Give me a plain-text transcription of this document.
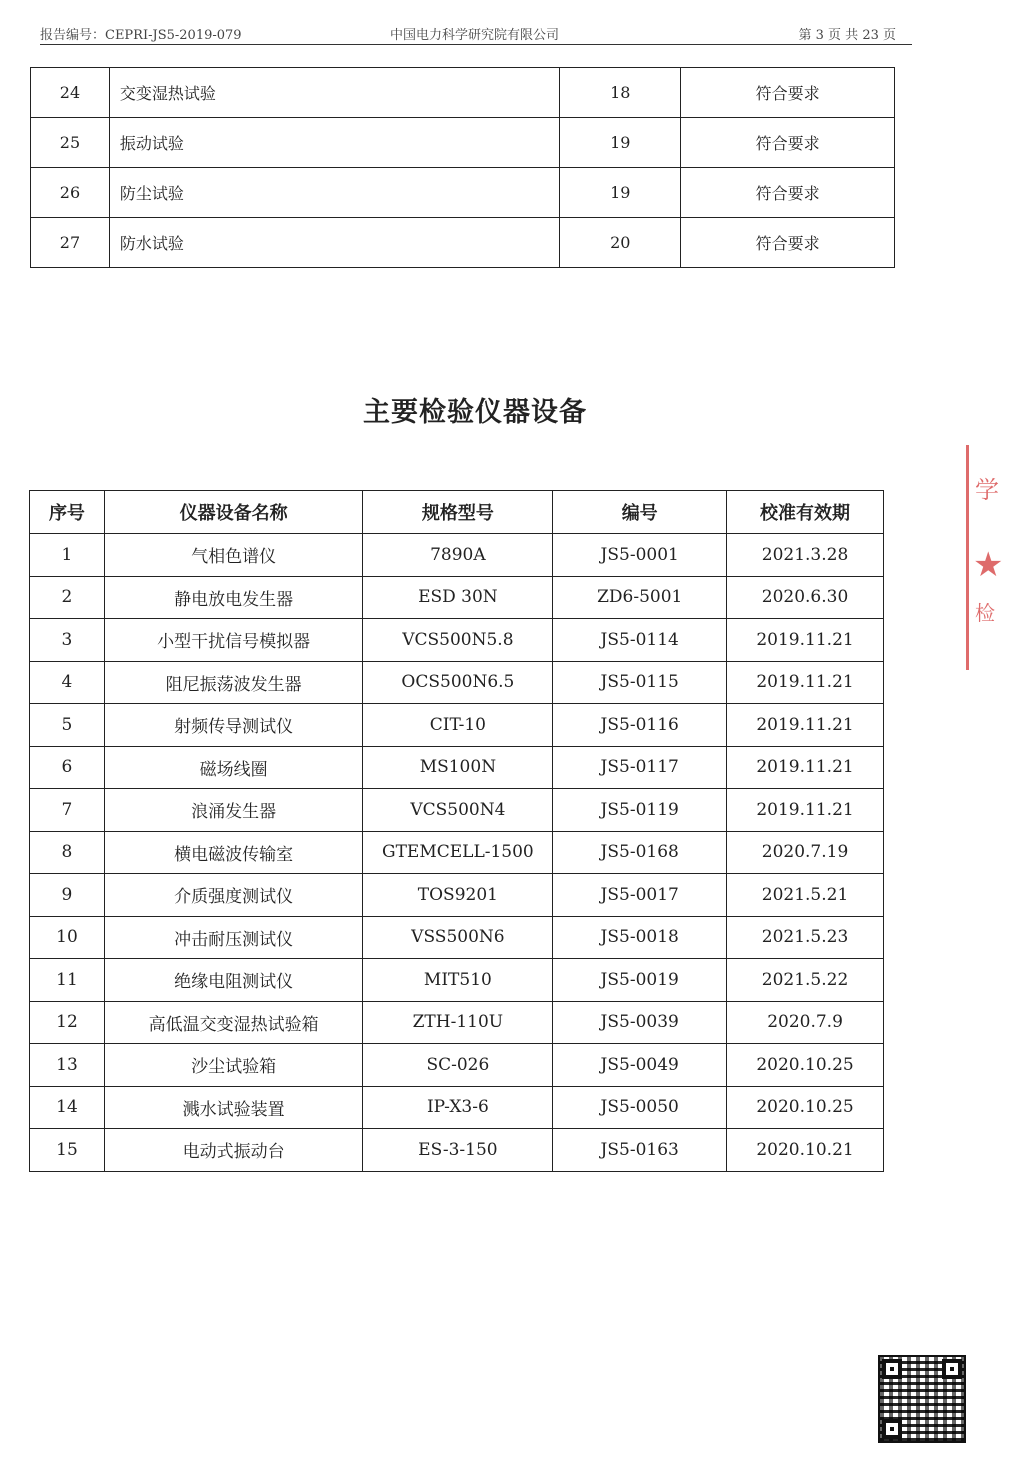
报告编号：CEPRI-JS5-2019-079	中国电力科学研究院有限公司	第 3 页 共 23 页
24	交变湿热试验	18	符合要求
25	振动试验	19	符合要求
26	防尘试验	19	符合要求
27	防水试验	20	符合要求
主要检验仪器设备
序号	仪器设备名称	规格型号	编号	校准有效期
1	气相色谱仪	7890A	JS5-0001	2021.3.28
2	静电放电发生器	ESD 30N	ZD6-5001	2020.6.30
3	小型干扰信号模拟器	VCS500N5.8	JS5-0114	2019.11.21
4	阻尼振荡波发生器	OCS500N6.5	JS5-0115	2019.11.21
5	射频传导测试仪	CIT-10	JS5-0116	2019.11.21
6	磁场线圈	MS100N	JS5-0117	2019.11.21
7	浪涌发生器	VCS500N4	JS5-0119	2019.11.21
8	横电磁波传输室	GTEMCELL-1500	JS5-0168	2020.7.19
9	介质强度测试仪	TOS9201	JS5-0017	2021.5.21
10	冲击耐压测试仪	VSS500N6	JS5-0018	2021.5.23
11	绝缘电阻测试仪	MIT510	JS5-0019	2021.5.22
12	高低温交变湿热试验箱	ZTH-110U	JS5-0039	2020.7.9
13	沙尘试验箱	SC-026	JS5-0049	2020.10.25
14	溅水试验装置	IP-X3-6	JS5-0050	2020.10.25
15	电动式振动台	ES-3-150	JS5-0163	2020.10.21
学
★
检
